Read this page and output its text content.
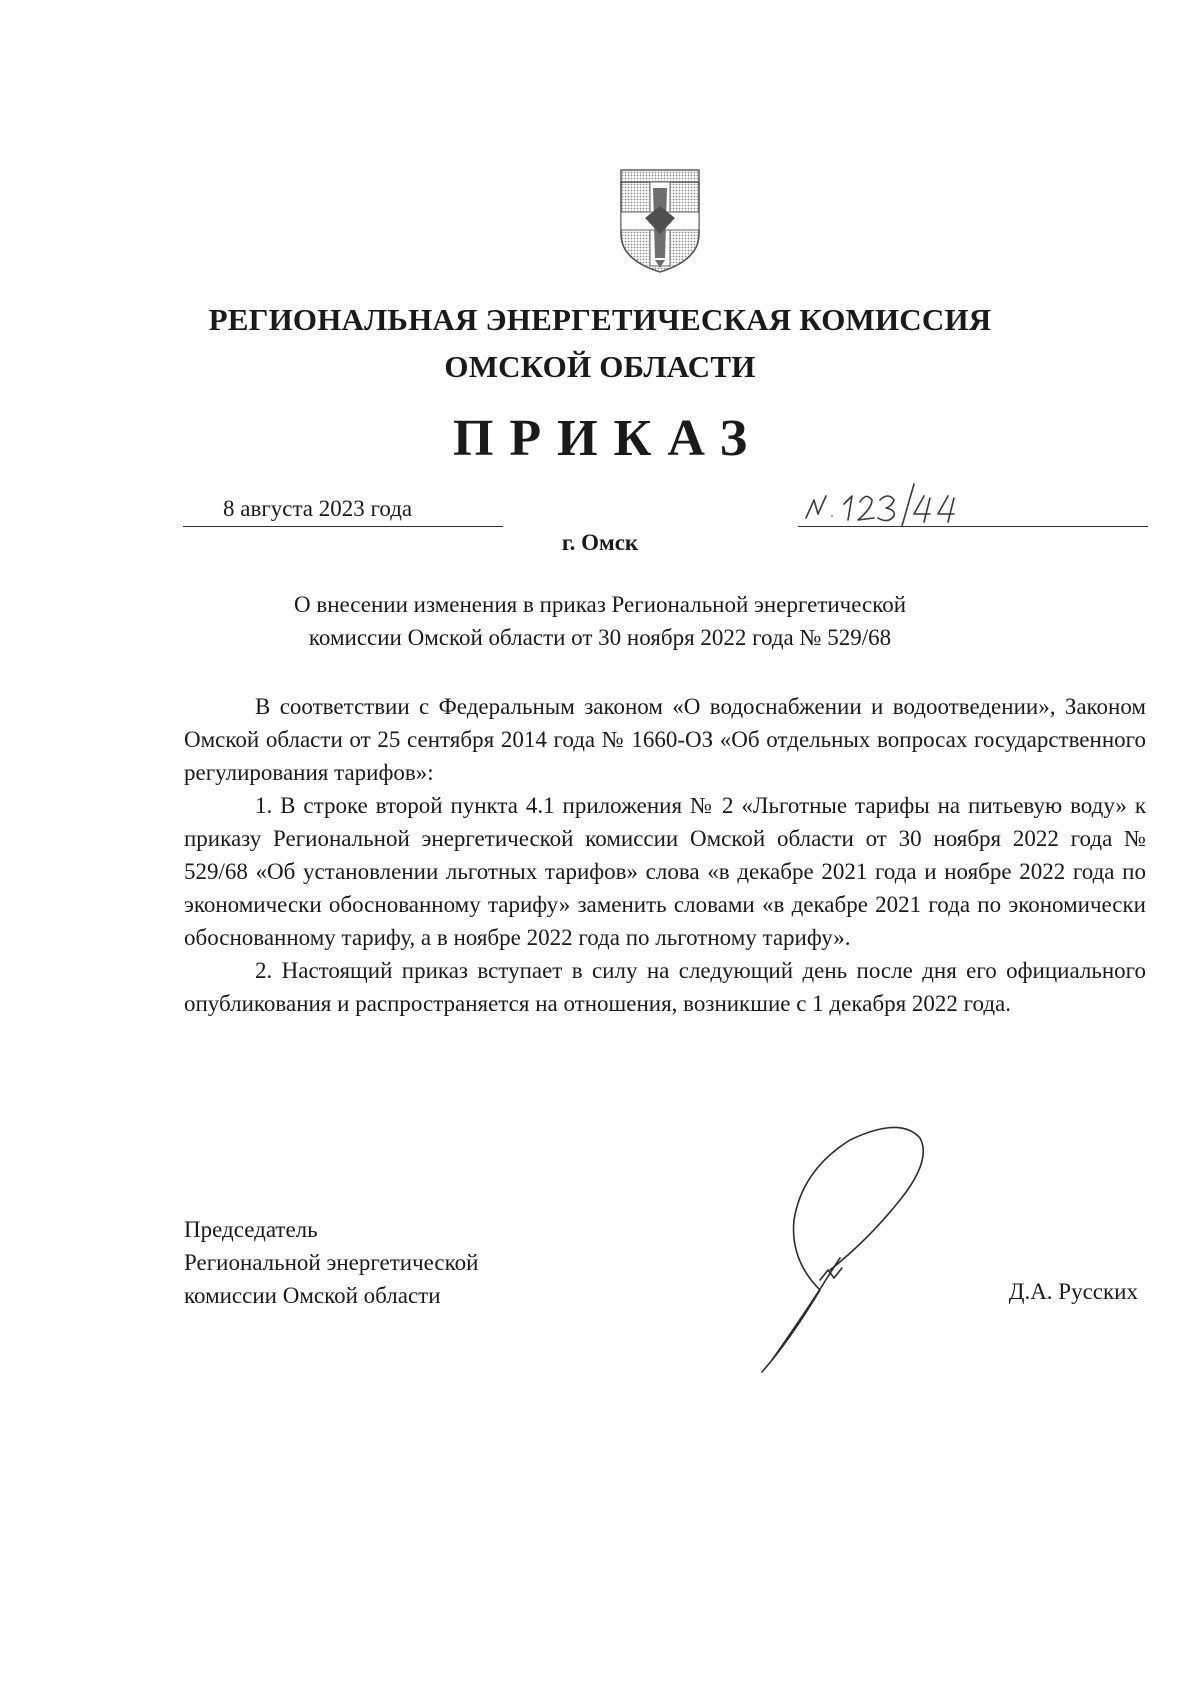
РЕГИОНАЛЬНАЯ ЭНЕРГЕТИЧЕСКАЯ КОМИССИЯ
ОМСКОЙ ОБЛАСТИ
ПРИКАЗ
8 августа 2023 года
г. Омск
О внесении изменения в приказ Региональной энергетической
комиссии Омской области от 30 ноября 2022 года № 529/68

В соответствии с Федеральным законом «О водоснабжении и водоотведении», Законом Омской области от 25 сентября 2014 года № 1660-ОЗ «Об отдельных вопросах государственного регулирования тарифов»:

1. В строке второй пункта 4.1 приложения № 2 «Льготные тарифы на питьевую воду» к приказу Региональной энергетической комиссии Омской области от 30 ноября 2022 года № 529/68 «Об установлении льготных тарифов» слова «в декабре 2021 года и ноябре 2022 года по экономически обоснованному тарифу» заменить словами «в декабре 2021 года по экономически обоснованному тарифу, а в ноябре 2022 года по льготному тарифу».

2. Настоящий приказ вступает в силу на следующий день после дня его официального опубликования и распространяется на отношения, возникшие с 1 декабря 2022 года.

Председатель
Региональной энергетической
комиссии Омской области	Д.А. Русских
